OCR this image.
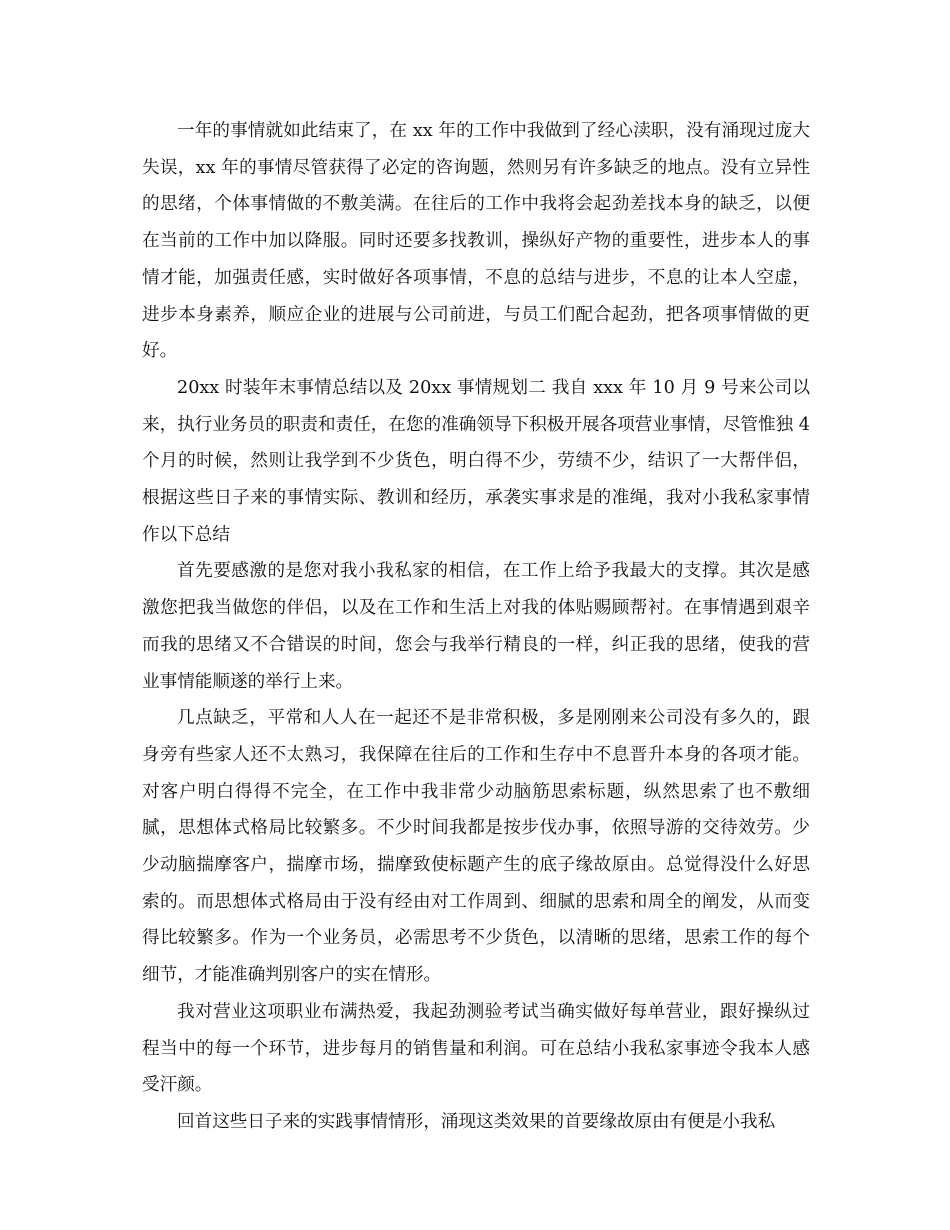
一年的事情就如此结束了，在 xx 年的工作中我做到了经心渎职，没有涌现过庞大失误，xx 年的事情尽管获得了必定的咨询题，然则另有许多缺乏的地点。没有立异性的思绪，个体事情做的不敷美满。在往后的工作中我将会起劲差找本身的缺乏，以便在当前的工作中加以降服。同时还要多找教训，操纵好产物的重要性，进步本人的事情才能，加强责任感，实时做好各项事情，不息的总结与进步，不息的让本人空虚，进步本身素养，顺应企业的进展与公司前进，与员工们配合起劲，把各项事情做的更好。

20xx 时装年末事情总结以及 20xx 事情规划二 我自 xxx 年 10 月 9 号来公司以来，执行业务员的职责和责任，在您的准确领导下积极开展各项营业事情，尽管惟独 4 个月的时候，然则让我学到不少货色，明白得不少，劳绩不少，结识了一大帮伴侣，根据这些日子来的事情实际、教训和经历，承袭实事求是的准绳，我对小我私家事情作以下总结

首先要感激的是您对我小我私家的相信，在工作上给予我最大的支撑。其次是感激您把我当做您的伴侣，以及在工作和生活上对我的体贴赐顾帮衬。在事情遇到艰辛而我的思绪又不合错误的时间，您会与我举行精良的一样，纠正我的思绪，使我的营业事情能顺遂的举行上来。

几点缺乏，平常和人人在一起还不是非常积极，多是刚刚来公司没有多久的，跟身旁有些家人还不太熟习，我保障在往后的工作和生存中不息晋升本身的各项才能。对客户明白得得不完全，在工作中我非常少动脑筋思索标题，纵然思索了也不敷细腻，思想体式格局比较繁多。不少时间我都是按步伐办事，依照导游的交待效劳。少少动脑揣摩客户，揣摩市场，揣摩致使标题产生的底子缘故原由。总觉得没什么好思索的。而思想体式格局由于没有经由对工作周到、细腻的思索和周全的阐发，从而变得比较繁多。作为一个业务员，必需思考不少货色，以清晰的思绪，思索工作的每个细节，才能准确判别客户的实在情形。

我对营业这项职业布满热爱，我起劲测验考试当确实做好每单营业，跟好操纵过程当中的每一个环节，进步每月的销售量和利润。可在总结小我私家事迹令我本人感受汗颜。

回首这些日子来的实践事情情形，涌现这类效果的首要缘故原由有便是小我私
